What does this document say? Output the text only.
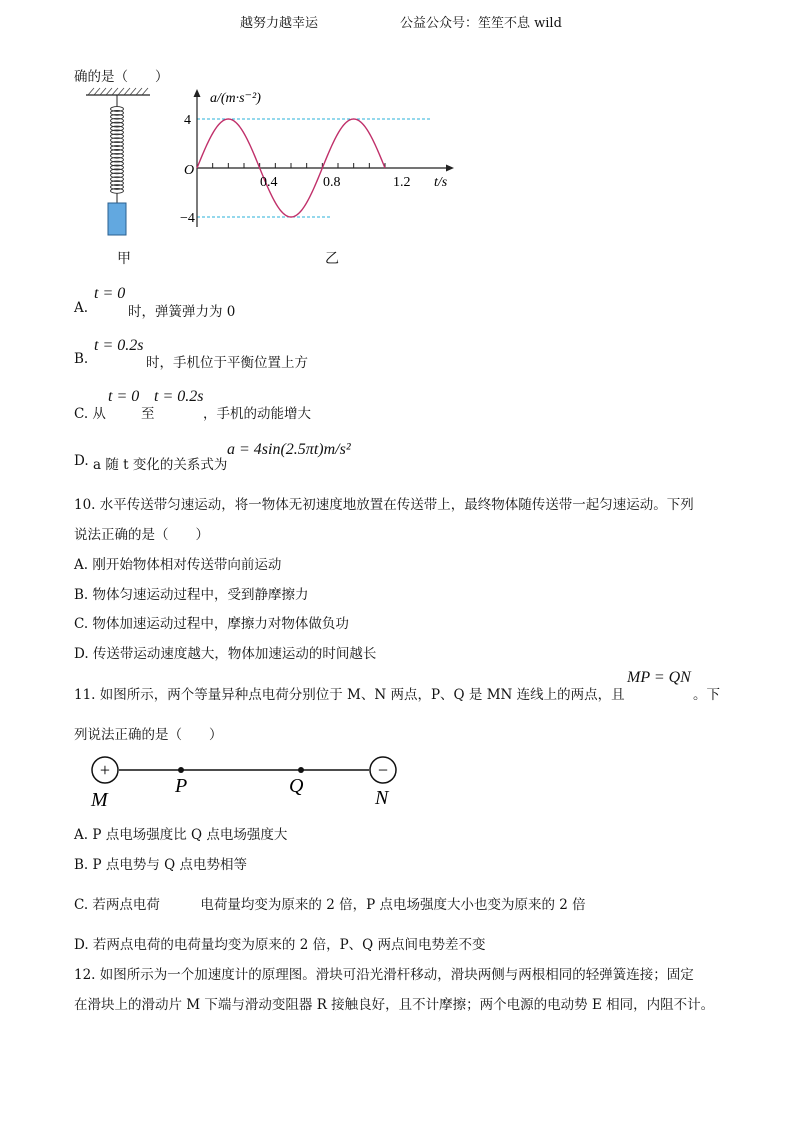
越努力越幸运	公益公众号：笙笙不息 wild
确的是（　　）
甲
a/(m·s⁻²)
4
−4
O
0.4	0.8	1.2 t/s
乙
A.
t = 0
时，弹簧弹力为 0
B.
t = 0.2s
时，手机位于平衡位置上方
C. 从
t = 0
至
t = 0.2s
，手机的动能增大
D. a 随 t 变化的关系式为
a = 4sin(2.5πt)m/s²
10. 水平传送带匀速运动，将一物体无初速度地放置在传送带上，最终物体随传送带一起匀速运动。下列
说法正确的是（　　）
A. 刚开始物体相对传送带向前运动
B. 物体匀速运动过程中，受到静摩擦力
C. 物体加速运动过程中，摩擦力对物体做负功
D. 传送带运动速度越大，物体加速运动的时间越长
11. 如图所示，两个等量异种点电荷分别位于 M、N 两点，P、Q 是 MN 连线上的两点，且
MP = QN
。下
列说法正确的是（　　）
+	−
M
P	Q
N
A. P 点电场强度比 Q 点电场强度大
B. P 点电势与 Q 点电势相等
C. 若两点电荷　　　电荷量均变为原来的 2 倍，P 点电场强度大小也变为原来的 2 倍
D. 若两点电荷的电荷量均变为原来的 2 倍，P、Q 两点间电势差不变
12. 如图所示为一个加速度计的原理图。滑块可沿光滑杆移动，滑块两侧与两根相同的轻弹簧连接；固定
在滑块上的滑动片 M 下端与滑动变阻器 R 接触良好，且不计摩擦；两个电源的电动势 E 相同，内阻不计。
